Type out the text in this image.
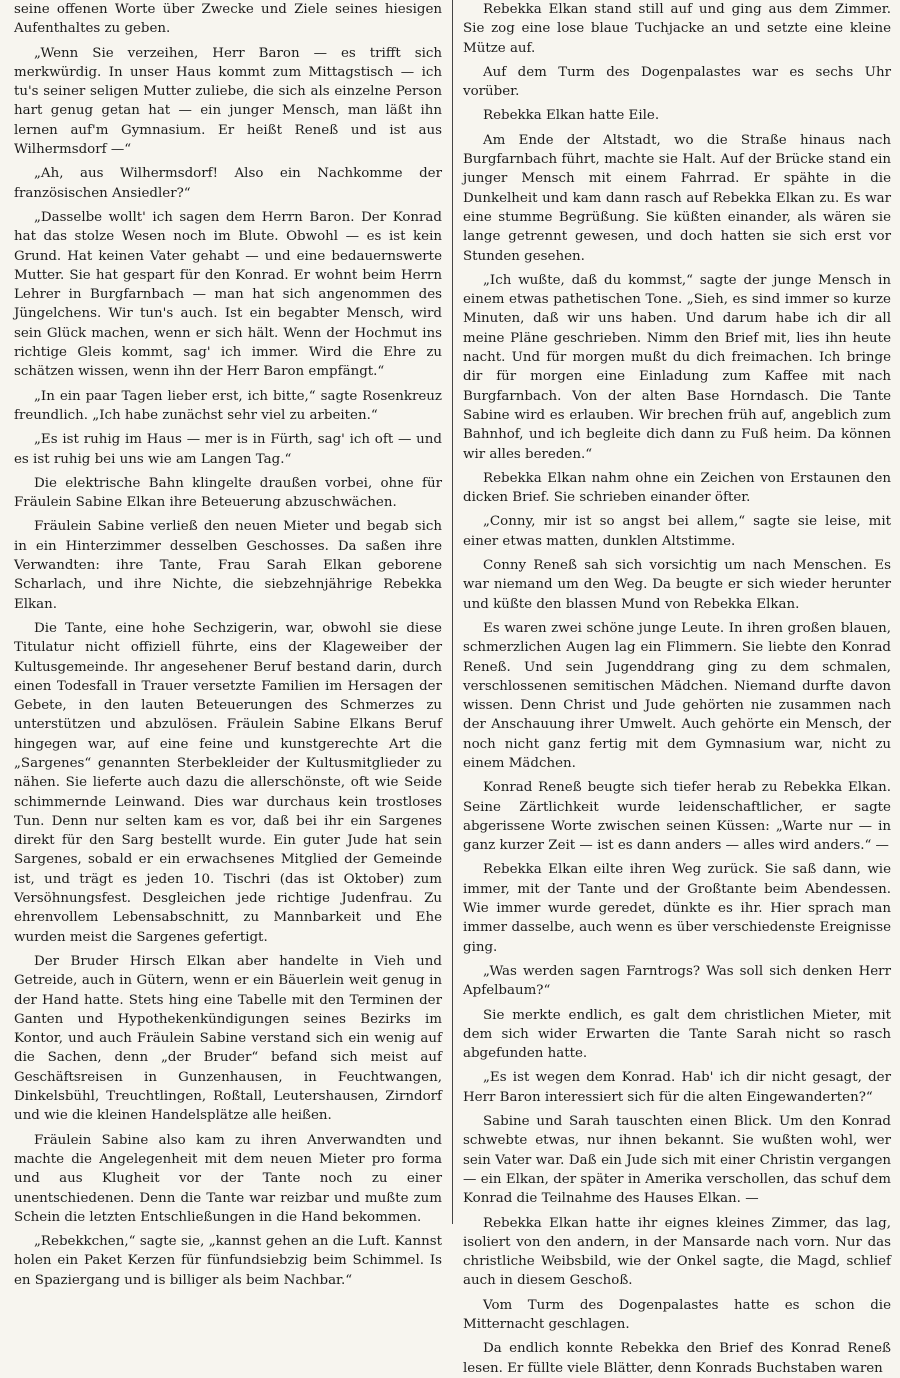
seine offenen Worte über Zwecke und Ziele seines hiesigen Aufenthaltes zu geben.

„Wenn Sie verzeihen, Herr Baron — es trifft sich merkwürdig. In unser Haus kommt zum Mittagstisch — ich tu's seiner seligen Mutter zuliebe, die sich als einzelne Person hart genug getan hat — ein junger Mensch, man läßt ihn lernen auf'm Gymnasium. Er heißt Reneß und ist aus Wilhermsdorf —“

„Ah, aus Wilhermsdorf! Also ein Nachkomme der französischen Ansiedler?“

„Dasselbe wollt' ich sagen dem Herrn Baron. Der Konrad hat das stolze Wesen noch im Blute. Obwohl — es ist kein Grund. Hat keinen Vater gehabt — und eine bedauernswerte Mutter. Sie hat gespart für den Konrad. Er wohnt beim Herrn Lehrer in Burgfarnbach — man hat sich angenommen des Jüngelchens. Wir tun's auch. Ist ein begabter Mensch, wird sein Glück machen, wenn er sich hält. Wenn der Hochmut ins richtige Gleis kommt, sag' ich immer. Wird die Ehre zu schätzen wissen, wenn ihn der Herr Baron empfängt.“

„In ein paar Tagen lieber erst, ich bitte,“ sagte Rosenkreuz freundlich. „Ich habe zunächst sehr viel zu arbeiten.“

„Es ist ruhig im Haus — mer is in Fürth, sag' ich oft — und es ist ruhig bei uns wie am Langen Tag.“

Die elektrische Bahn klingelte draußen vorbei, ohne für Fräulein Sabine Elkan ihre Beteuerung abzuschwächen.

Fräulein Sabine verließ den neuen Mieter und begab sich in ein Hinterzimmer desselben Geschosses. Da saßen ihre Verwandten: ihre Tante, Frau Sarah Elkan geborene Scharlach, und ihre Nichte, die siebzehnjährige Rebekka Elkan.

Die Tante, eine hohe Sechzigerin, war, obwohl sie diese Titulatur nicht offiziell führte, eins der Klageweiber der Kultusgemeinde. Ihr angesehener Beruf bestand darin, durch einen Todesfall in Trauer versetzte Familien im Hersagen der Gebete, in den lauten Beteuerungen des Schmerzes zu unterstützen und abzulösen. Fräulein Sabine Elkans Beruf hingegen war, auf eine feine und kunstgerechte Art die „Sargenes“ genannten Sterbekleider der Kultusmitglieder zu nähen. Sie lieferte auch dazu die allerschönste, oft wie Seide schimmernde Leinwand. Dies war durchaus kein trostloses Tun. Denn nur selten kam es vor, daß bei ihr ein Sargenes direkt für den Sarg bestellt wurde. Ein guter Jude hat sein Sargenes, sobald er ein erwachsenes Mitglied der Gemeinde ist, und trägt es jeden 10. Tischri (das ist Oktober) zum Versöhnungsfest. Desgleichen jede richtige Judenfrau. Zu ehrenvollem Lebensabschnitt, zu Mannbarkeit und Ehe wurden meist die Sargenes gefertigt.

Der Bruder Hirsch Elkan aber handelte in Vieh und Getreide, auch in Gütern, wenn er ein Bäuerlein weit genug in der Hand hatte. Stets hing eine Tabelle mit den Terminen der Ganten und Hypothekenkündigungen seines Bezirks im Kontor, und auch Fräulein Sabine verstand sich ein wenig auf die Sachen, denn „der Bruder“ befand sich meist auf Geschäftsreisen in Gunzenhausen, in Feuchtwangen, Dinkelsbühl, Treuchtlingen, Roßtall, Leutershausen, Zirndorf und wie die kleinen Handelsplätze alle heißen.

Fräulein Sabine also kam zu ihren Anverwandten und machte die Angelegenheit mit dem neuen Mieter pro forma und aus Klugheit vor der Tante noch zu einer unentschiedenen. Denn die Tante war reizbar und mußte zum Schein die letzten Entschließungen in die Hand bekommen.

„Rebekkchen,“ sagte sie, „kannst gehen an die Luft. Kannst holen ein Paket Kerzen für fünfundsiebzig beim Schimmel. Is en Spaziergang und is billiger als beim Nachbar.“

Rebekka Elkan stand still auf und ging aus dem Zimmer. Sie zog eine lose blaue Tuchjacke an und setzte eine kleine Mütze auf.

Auf dem Turm des Dogenpalastes war es sechs Uhr vorüber.

Rebekka Elkan hatte Eile.

Am Ende der Altstadt, wo die Straße hinaus nach Burgfarnbach führt, machte sie Halt. Auf der Brücke stand ein junger Mensch mit einem Fahrrad. Er spähte in die Dunkelheit und kam dann rasch auf Rebekka Elkan zu. Es war eine stumme Begrüßung. Sie küßten einander, als wären sie lange getrennt gewesen, und doch hatten sie sich erst vor Stunden gesehen.

„Ich wußte, daß du kommst,“ sagte der junge Mensch in einem etwas pathetischen Tone. „Sieh, es sind immer so kurze Minuten, daß wir uns haben. Und darum habe ich dir all meine Pläne geschrieben. Nimm den Brief mit, lies ihn heute nacht. Und für morgen mußt du dich freimachen. Ich bringe dir für morgen eine Einladung zum Kaffee mit nach Burgfarnbach. Von der alten Base Horndasch. Die Tante Sabine wird es erlauben. Wir brechen früh auf, angeblich zum Bahnhof, und ich begleite dich dann zu Fuß heim. Da können wir alles bereden.“

Rebekka Elkan nahm ohne ein Zeichen von Erstaunen den dicken Brief. Sie schrieben einander öfter.

„Conny, mir ist so angst bei allem,“ sagte sie leise, mit einer etwas matten, dunklen Altstimme.

Conny Reneß sah sich vorsichtig um nach Menschen. Es war niemand um den Weg. Da beugte er sich wieder herunter und küßte den blassen Mund von Rebekka Elkan.

Es waren zwei schöne junge Leute. In ihren großen blauen, schmerzlichen Augen lag ein Flimmern. Sie liebte den Konrad Reneß. Und sein Jugenddrang ging zu dem schmalen, verschlossenen semitischen Mädchen. Niemand durfte davon wissen. Denn Christ und Jude gehörten nie zusammen nach der Anschauung ihrer Umwelt. Auch gehörte ein Mensch, der noch nicht ganz fertig mit dem Gymnasium war, nicht zu einem Mädchen.

Konrad Reneß beugte sich tiefer herab zu Rebekka Elkan. Seine Zärtlichkeit wurde leidenschaftlicher, er sagte abgerissene Worte zwischen seinen Küssen: „Warte nur — in ganz kurzer Zeit — ist es dann anders — alles wird anders.“ —

Rebekka Elkan eilte ihren Weg zurück. Sie saß dann, wie immer, mit der Tante und der Großtante beim Abendessen. Wie immer wurde geredet, dünkte es ihr. Hier sprach man immer dasselbe, auch wenn es über verschiedenste Ereignisse ging.

„Was werden sagen Farntrogs? Was soll sich denken Herr Apfelbaum?“

Sie merkte endlich, es galt dem christlichen Mieter, mit dem sich wider Erwarten die Tante Sarah nicht so rasch abgefunden hatte.

„Es ist wegen dem Konrad. Hab' ich dir nicht gesagt, der Herr Baron interessiert sich für die alten Eingewanderten?“

Sabine und Sarah tauschten einen Blick. Um den Konrad schwebte etwas, nur ihnen bekannt. Sie wußten wohl, wer sein Vater war. Daß ein Jude sich mit einer Christin vergangen — ein Elkan, der später in Amerika verschollen, das schuf dem Konrad die Teilnahme des Hauses Elkan. —

Rebekka Elkan hatte ihr eignes kleines Zimmer, das lag, isoliert von den andern, in der Mansarde nach vorn. Nur das christliche Weibsbild, wie der Onkel sagte, die Magd, schlief auch in diesem Geschoß.

Vom Turm des Dogenpalastes hatte es schon die Mitternacht geschlagen.

Da endlich konnte Rebekka den Brief des Konrad Reneß lesen. Er füllte viele Blätter, denn Konrads Buchstaben waren
